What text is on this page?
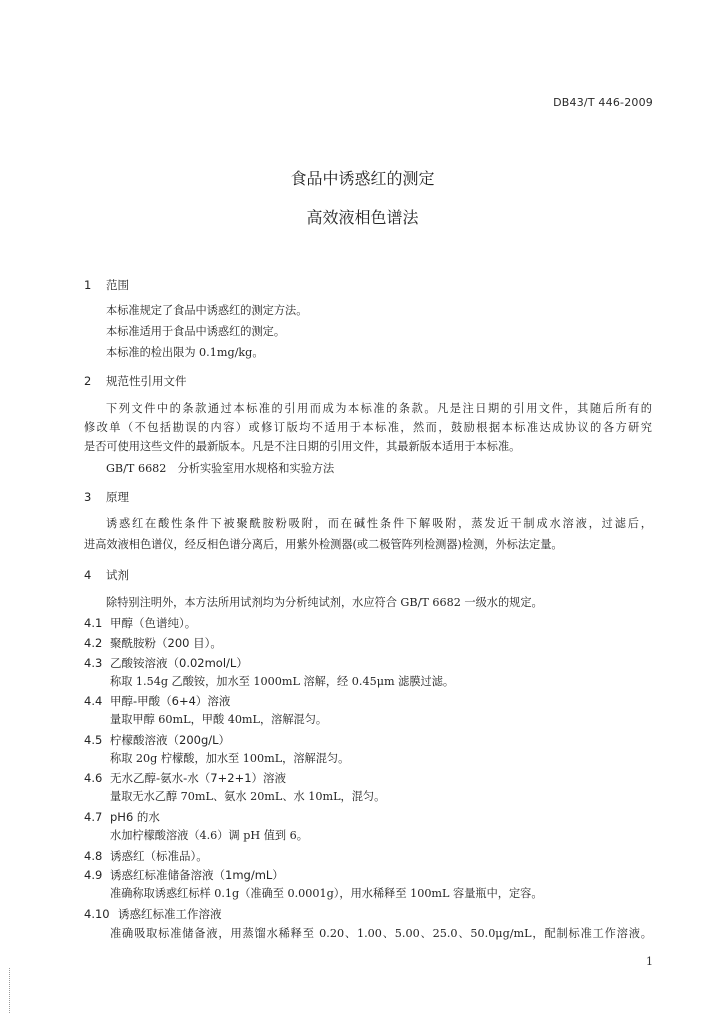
DB43/T 446-2009
食品中诱惑红的测定
高效液相色谱法
1 范围
本标准规定了食品中诱惑红的测定方法。
本标准适用于食品中诱惑红的测定。
本标准的检出限为 0.1mg/kg。
2 规范性引用文件
下列文件中的条款通过本标准的引用而成为本标准的条款。凡是注日期的引用文件，其随后所有的
修改单（不包括勘误的内容）或修订版均不适用于本标准，然而，鼓励根据本标准达成协议的各方研究
是否可使用这些文件的最新版本。凡是不注日期的引用文件，其最新版本适用于本标准。
GB/T 6682　分析实验室用水规格和实验方法
3 原理
诱惑红在酸性条件下被聚酰胺粉吸附，而在碱性条件下解吸附，蒸发近干制成水溶液，过滤后，
进高效液相色谱仪，经反相色谱分离后，用紫外检测器(或二极管阵列检测器)检测，外标法定量。
4 试剂
除特别注明外，本方法所用试剂均为分析纯试剂，水应符合 GB/T 6682 一级水的规定。
4.1 甲醇（色谱纯）。
4.2 聚酰胺粉（200 目）。
4.3 乙酸铵溶液（0.02mol/L）
称取 1.54g 乙酸铵，加水至 1000mL 溶解，经 0.45μm 滤膜过滤。
4.4 甲醇-甲酸（6+4）溶液
量取甲醇 60mL，甲酸 40mL，溶解混匀。
4.5 柠檬酸溶液（200g/L）
称取 20g 柠檬酸，加水至 100mL，溶解混匀。
4.6 无水乙醇-氨水-水（7+2+1）溶液
量取无水乙醇 70mL、氨水 20mL、水 10mL，混匀。
4.7 pH6 的水
水加柠檬酸溶液（4.6）调 pH 值到 6。
4.8 诱惑红（标准品）。
4.9 诱惑红标准储备溶液（1mg/mL）
准确称取诱惑红标样 0.1g（准确至 0.0001g），用水稀释至 100mL 容量瓶中，定容。
4.10 诱惑红标准工作溶液
准确吸取标准储备液，用蒸馏水稀释至 0.20、1.00、5.00、25.0、50.0μg/mL，配制标准工作溶液。
1
